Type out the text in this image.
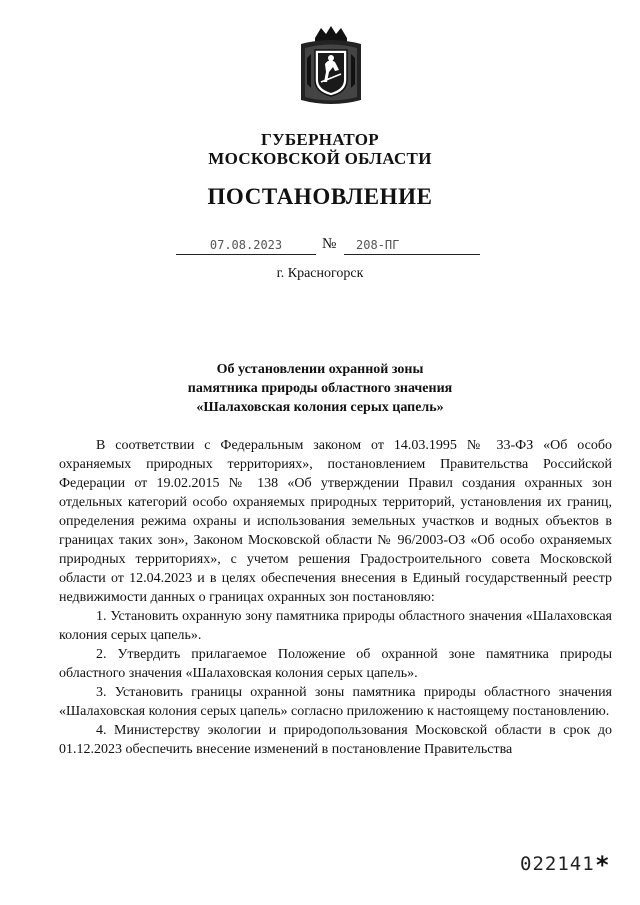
ГУБЕРНАТОР
МОСКОВСКОЙ ОБЛАСТИ
ПОСТАНОВЛЕНИЕ
07.08.2023	№	208-ПГ
г. Красногорск
Об установлении охранной зоны
памятника природы областного значения
«Шалаховская колония серых цапель»

В соответствии с Федеральным законом от 14.03.1995 № 33-ФЗ «Об особо охраняемых природных территориях», постановлением Правительства Российской Федерации от 19.02.2015 № 138 «Об утверждении Правил создания охранных зон отдельных категорий особо охраняемых природных территорий, установления их границ, определения режима охраны и использования земельных участков и водных объектов в границах таких зон», Законом Московской области № 96/2003-ОЗ «Об особо охраняемых природных территориях», с учетом решения Градостроительного совета Московской области от 12.04.2023 и в целях обеспечения внесения в Единый государственный реестр недвижимости данных о границах охранных зон постановляю:

1. Установить охранную зону памятника природы областного значения «Шалаховская колония серых цапель».

2. Утвердить прилагаемое Положение об охранной зоне памятника природы областного значения «Шалаховская колония серых цапель».

3. Установить границы охранной зоны памятника природы областного значения «Шалаховская колония серых цапель» согласно приложению к настоящему постановлению.

4. Министерству экологии и природопользования Московской области в срок до 01.12.2023 обеспечить внесение изменений в постановление Правительства

022141 *
